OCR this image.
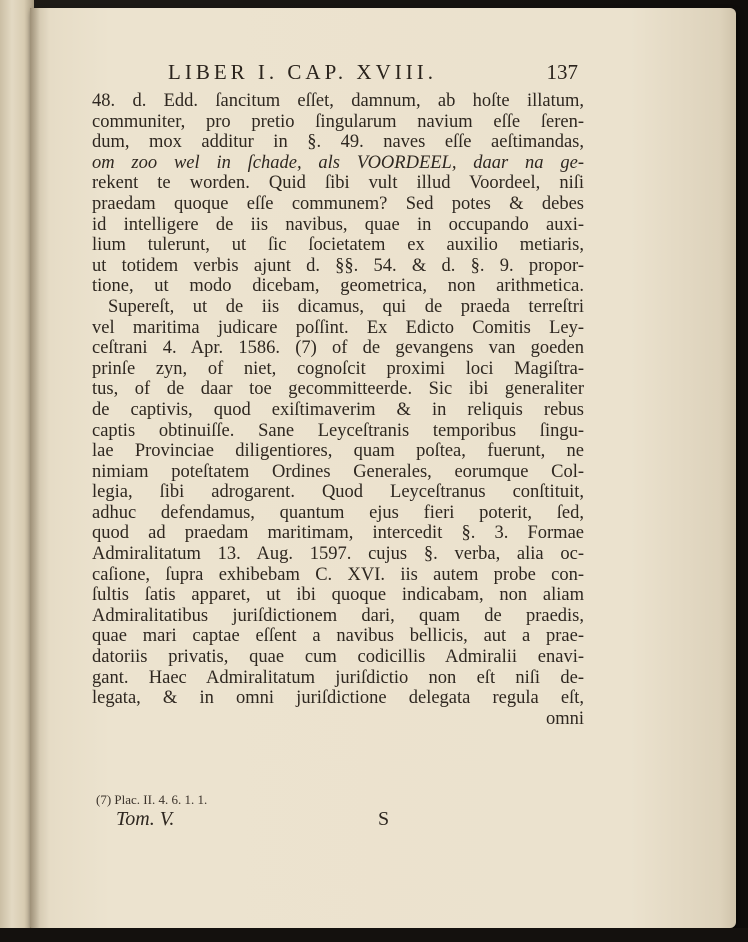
LIBER I. CAP. XVIII.	137
48. d. Edd. ſancitum eſſet, damnum, ab hoſte illatum,
communiter, pro pretio ſingularum navium eſſe ſeren-
dum, mox additur in §. 49. naves eſſe aeſtimandas,
om zoo wel in ſchade, als VOORDEEL, daar na ge-
rekent te worden. Quid ſibi vult illud Voordeel, niſi
praedam quoque eſſe communem? Sed potes & debes
id intelligere de iis navibus, quae in occupando auxi-
lium tulerunt, ut ſic ſocietatem ex auxilio metiaris,
ut totidem verbis ajunt d. §§. 54. & d. §. 9. propor-
tione, ut modo dicebam, geometrica, non arithmetica.
Supereſt, ut de iis dicamus, qui de praeda terreſtri
vel maritima judicare poſſint. Ex Edicto Comitis Ley-
ceſtrani 4. Apr. 1586. (7) of de gevangens van goeden
prinſe zyn, of niet, cognoſcit proximi loci Magiſtra-
tus, of de daar toe gecommitteerde. Sic ibi generaliter
de captivis, quod exiſtimaverim & in reliquis rebus
captis obtinuiſſe. Sane Leyceſtranis temporibus ſingu-
lae Provinciae diligentiores, quam poſtea, fuerunt, ne
nimiam poteſtatem Ordines Generales, eorumque Col-
legia, ſibi adrogarent. Quod Leyceſtranus conſtituit,
adhuc defendamus, quantum ejus fieri poterit, ſed,
quod ad praedam maritimam, intercedit §. 3. Formae
Admiralitatum 13. Aug. 1597. cujus §. verba, alia oc-
caſione, ſupra exhibebam C. XVI. iis autem probe con-
ſultis ſatis apparet, ut ibi quoque indicabam, non aliam
Admiralitatibus juriſdictionem dari, quam de praedis,
quae mari captae eſſent a navibus bellicis, aut a prae-
datoriis privatis, quae cum codicillis Admiralii enavi-
gant. Haec Admiralitatum juriſdictio non eſt niſi de-
legata, & in omni juriſdictione delegata regula eſt,
omni
(7) Plac. II. 4. 6. 1. 1.
Tom. V.	S
